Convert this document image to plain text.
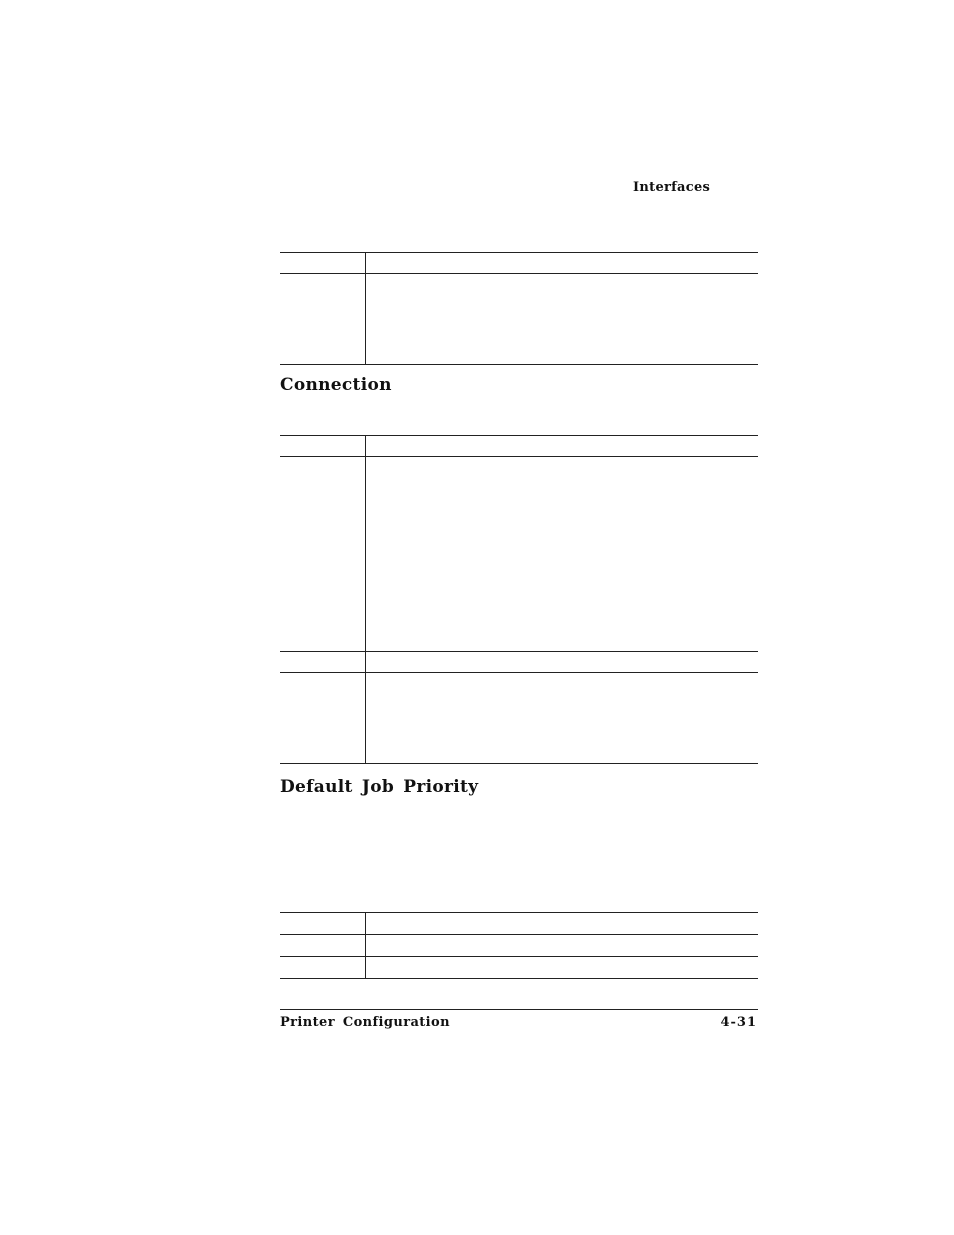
Interfaces
Connection
Default Job Priority
Printer Configuration	4-31
